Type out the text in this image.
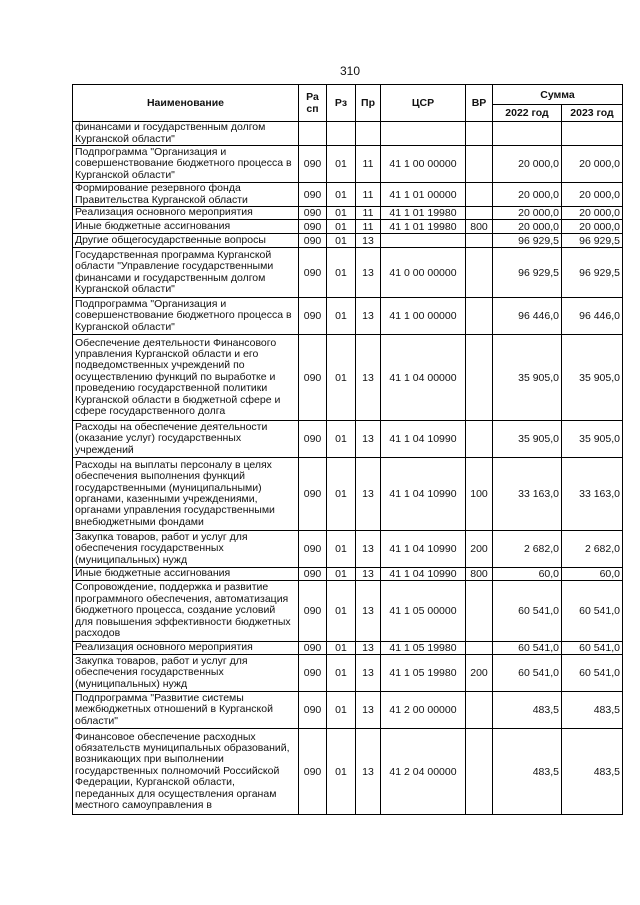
310
Наименование	Ра сп	Рз	Пр	ЦСР	ВР	Сумма	
						2022 год	2023 год
финансами и государственным долгом Курганской области"							
Подпрограмма "Организация и совершенствование бюджетного процесса в Курганской области"	090	01	11	41 1 00 00000		20 000,0	20 000,0
Формирование резервного фонда Правительства Курганской области	090	01	11	41 1 01 00000		20 000,0	20 000,0
Реализация основного мероприятия	090	01	11	41 1 01 19980		20 000,0	20 000,0
Иные бюджетные ассигнования	090	01	11	41 1 01 19980	800	20 000,0	20 000,0
Другие общегосударственные вопросы	090	01	13			96 929,5	96 929,5
Государственная программа Курганской области "Управление государственными финансами и государственным долгом Курганской области"	090	01	13	41 0 00 00000		96 929,5	96 929,5
Подпрограмма "Организация и совершенствование бюджетного процесса в Курганской области"	090	01	13	41 1 00 00000		96 446,0	96 446,0
Обеспечение деятельности Финансового управления Курганской области и его подведомственных учреждений по осуществлению функций по выработке и проведению государственной политики Курганской области в бюджетной сфере и сфере государственного долга	090	01	13	41 1 04 00000		35 905,0	35 905,0
Расходы на обеспечение деятельности (оказание услуг) государственных учреждений	090	01	13	41 1 04 10990		35 905,0	35 905,0
Расходы на выплаты персоналу в целях обеспечения выполнения функций государственными (муниципальными) органами, казенными учреждениями, органами управления государственными внебюджетными фондами	090	01	13	41 1 04 10990	100	33 163,0	33 163,0
Закупка товаров, работ и услуг для обеспечения государственных (муниципальных) нужд	090	01	13	41 1 04 10990	200	2 682,0	2 682,0
Иные бюджетные ассигнования	090	01	13	41 1 04 10990	800	60,0	60,0
Сопровождение, поддержка и развитие программного обеспечения, автоматизация бюджетного процесса, создание условий для повышения эффективности бюджетных расходов	090	01	13	41 1 05 00000		60 541,0	60 541,0
Реализация основного мероприятия	090	01	13	41 1 05 19980		60 541,0	60 541,0
Закупка товаров, работ и услуг для обеспечения государственных (муниципальных) нужд	090	01	13	41 1 05 19980	200	60 541,0	60 541,0
Подпрограмма "Развитие системы межбюджетных отношений в Курганской области"	090	01	13	41 2 00 00000		483,5	483,5
Финансовое обеспечение расходных обязательств муниципальных образований, возникающих при выполнении государственных полномочий Российской Федерации, Курганской области, переданных для осуществления органам местного самоуправления в	090	01	13	41 2 04 00000		483,5	483,5
